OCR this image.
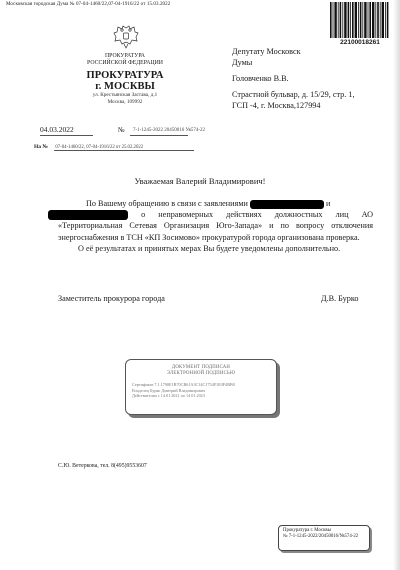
Московская городская Дума № 07-04-1460/22,07-04-1916/22 от 15.03.2022
22100018261
ПРОКУРАТУРА
РОССИЙСКОЙ ФЕДЕРАЦИИ
ПРОКУРАТУРА
г. МОСКВЫ
ул. Крестьянская Застава, д.1
Москва, 109992
04.03.2022	№ 7-1-1245-2022 20450016 Ув574-22
На № 07-04-1460/22, 07-04-1916/22 от 25.02.2022
Депутату Московск
Думы
Головченко В.В.
Страстной бульвар, д. 15/29, стр. 1,
ГСП -4, г. Москва,127994
Уважаемая Валерий Владимирович!
По Вашему обращению в связи с заявлениями	и
о неправомерных действиях должностных лиц АО «Территориальная Сетевая Организация Юго-Запада» и по вопросу отключения энергоснабжения в ТСН «КП Зосимово» прокуратурой города организована проверка.
О её результатах и принятых мерах Вы будете уведомлены дополнительно.
Заместитель прокурора города	Д.В. Бурко
ДОКУМЕНТ ПОДПИСАН
ЭЛЕКТРОННОЙ ПОДПИСЬЮ
Сертификат 7.1.1790E1B70CB61A3C14C1754F1E0F4BB0
Владелец Бурко Дмитрий Владимирович
Действителен с 14.01.2021 по 14.01.2023
С.Ю. Ветеркова, тел. 8(495)9553607
Прокуратура г. Москвы
№ 7-1-1245-2022/20450016/Ув574-22
